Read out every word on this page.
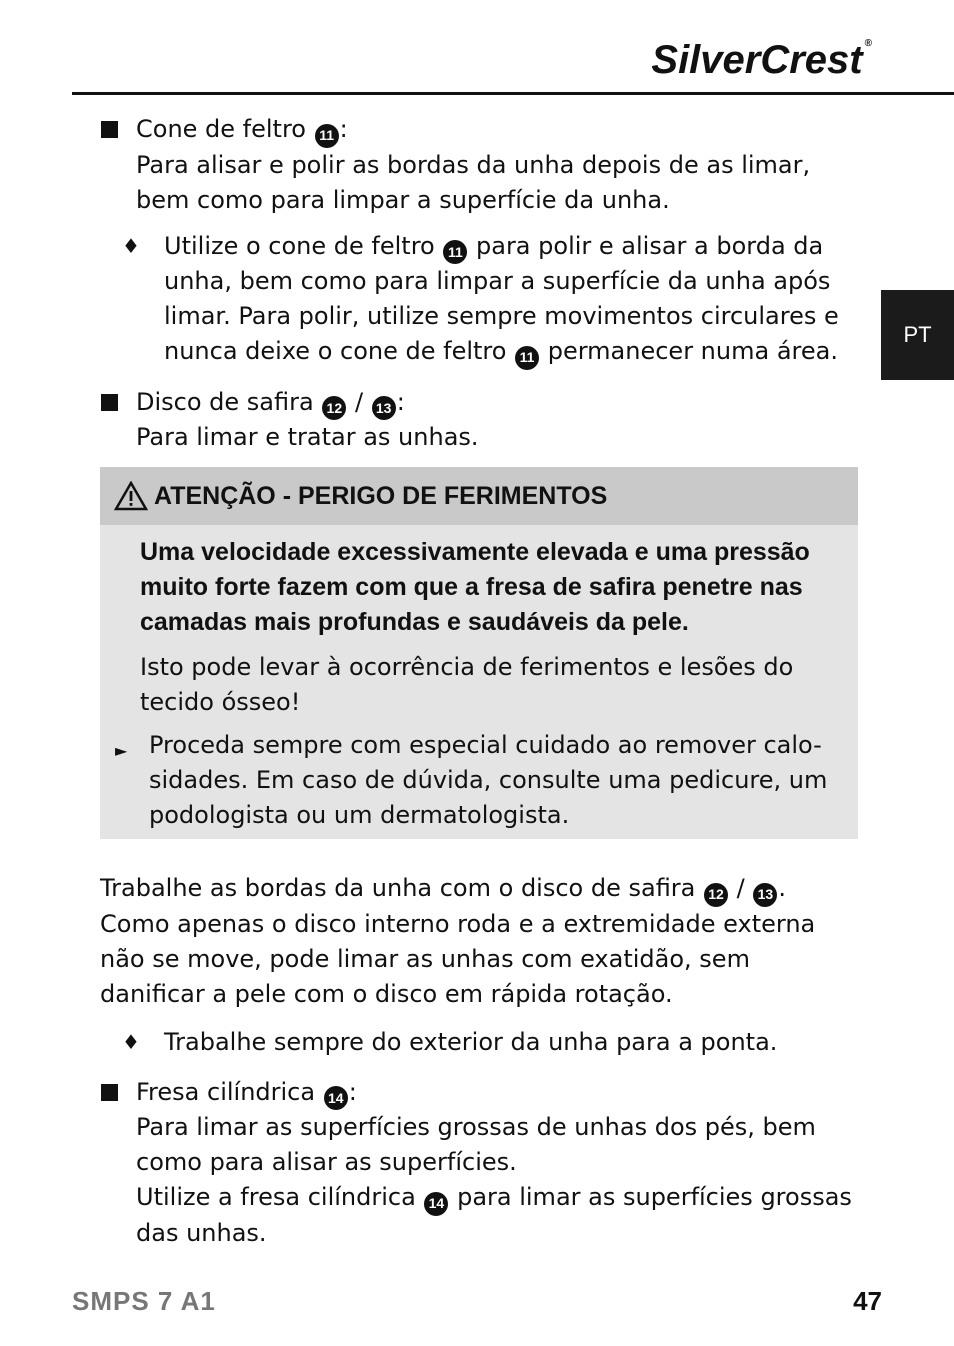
SilverCrest ®
PT
Cone de feltro 11 :
Para alisar e polir as bordas da unha depois de as limar, bem como para limpar a superfície da unha.
♦ Utilize o cone de feltro 11 para polir e alisar a borda da unha, bem como para limpar a superfície da unha após limar. Para polir, utilize sempre movimentos circulares e nunca deixe o cone de feltro 11 permanecer numa área.
Disco de safira 12 / 13 :
Para limar e tratar as unhas.
ATENÇÃO - PERIGO DE FERIMENTOS
Uma velocidade excessivamente elevada e uma pressão muito forte fazem com que a fresa de safira penetre nas camadas mais profundas e saudáveis da pele.
Isto pode levar à ocorrência de ferimentos e lesões do tecido ósseo!
► Proceda sempre com especial cuidado ao remover calo- sidades. Em caso de dúvida, consulte uma pedicure, um podologista ou um dermatologista.
Trabalhe as bordas da unha com o disco de safira 12 / 13 . Como apenas o disco interno roda e a extremidade externa não se move, pode limar as unhas com exatidão, sem danificar a pele com o disco em rápida rotação.
♦ Trabalhe sempre do exterior da unha para a ponta.
Fresa cilíndrica 14 :
Para limar as superfícies grossas de unhas dos pés, bem como para alisar as superfícies.
Utilize a fresa cilíndrica 14 para limar as superfícies grossas das unhas.
SMPS 7 A1	47
